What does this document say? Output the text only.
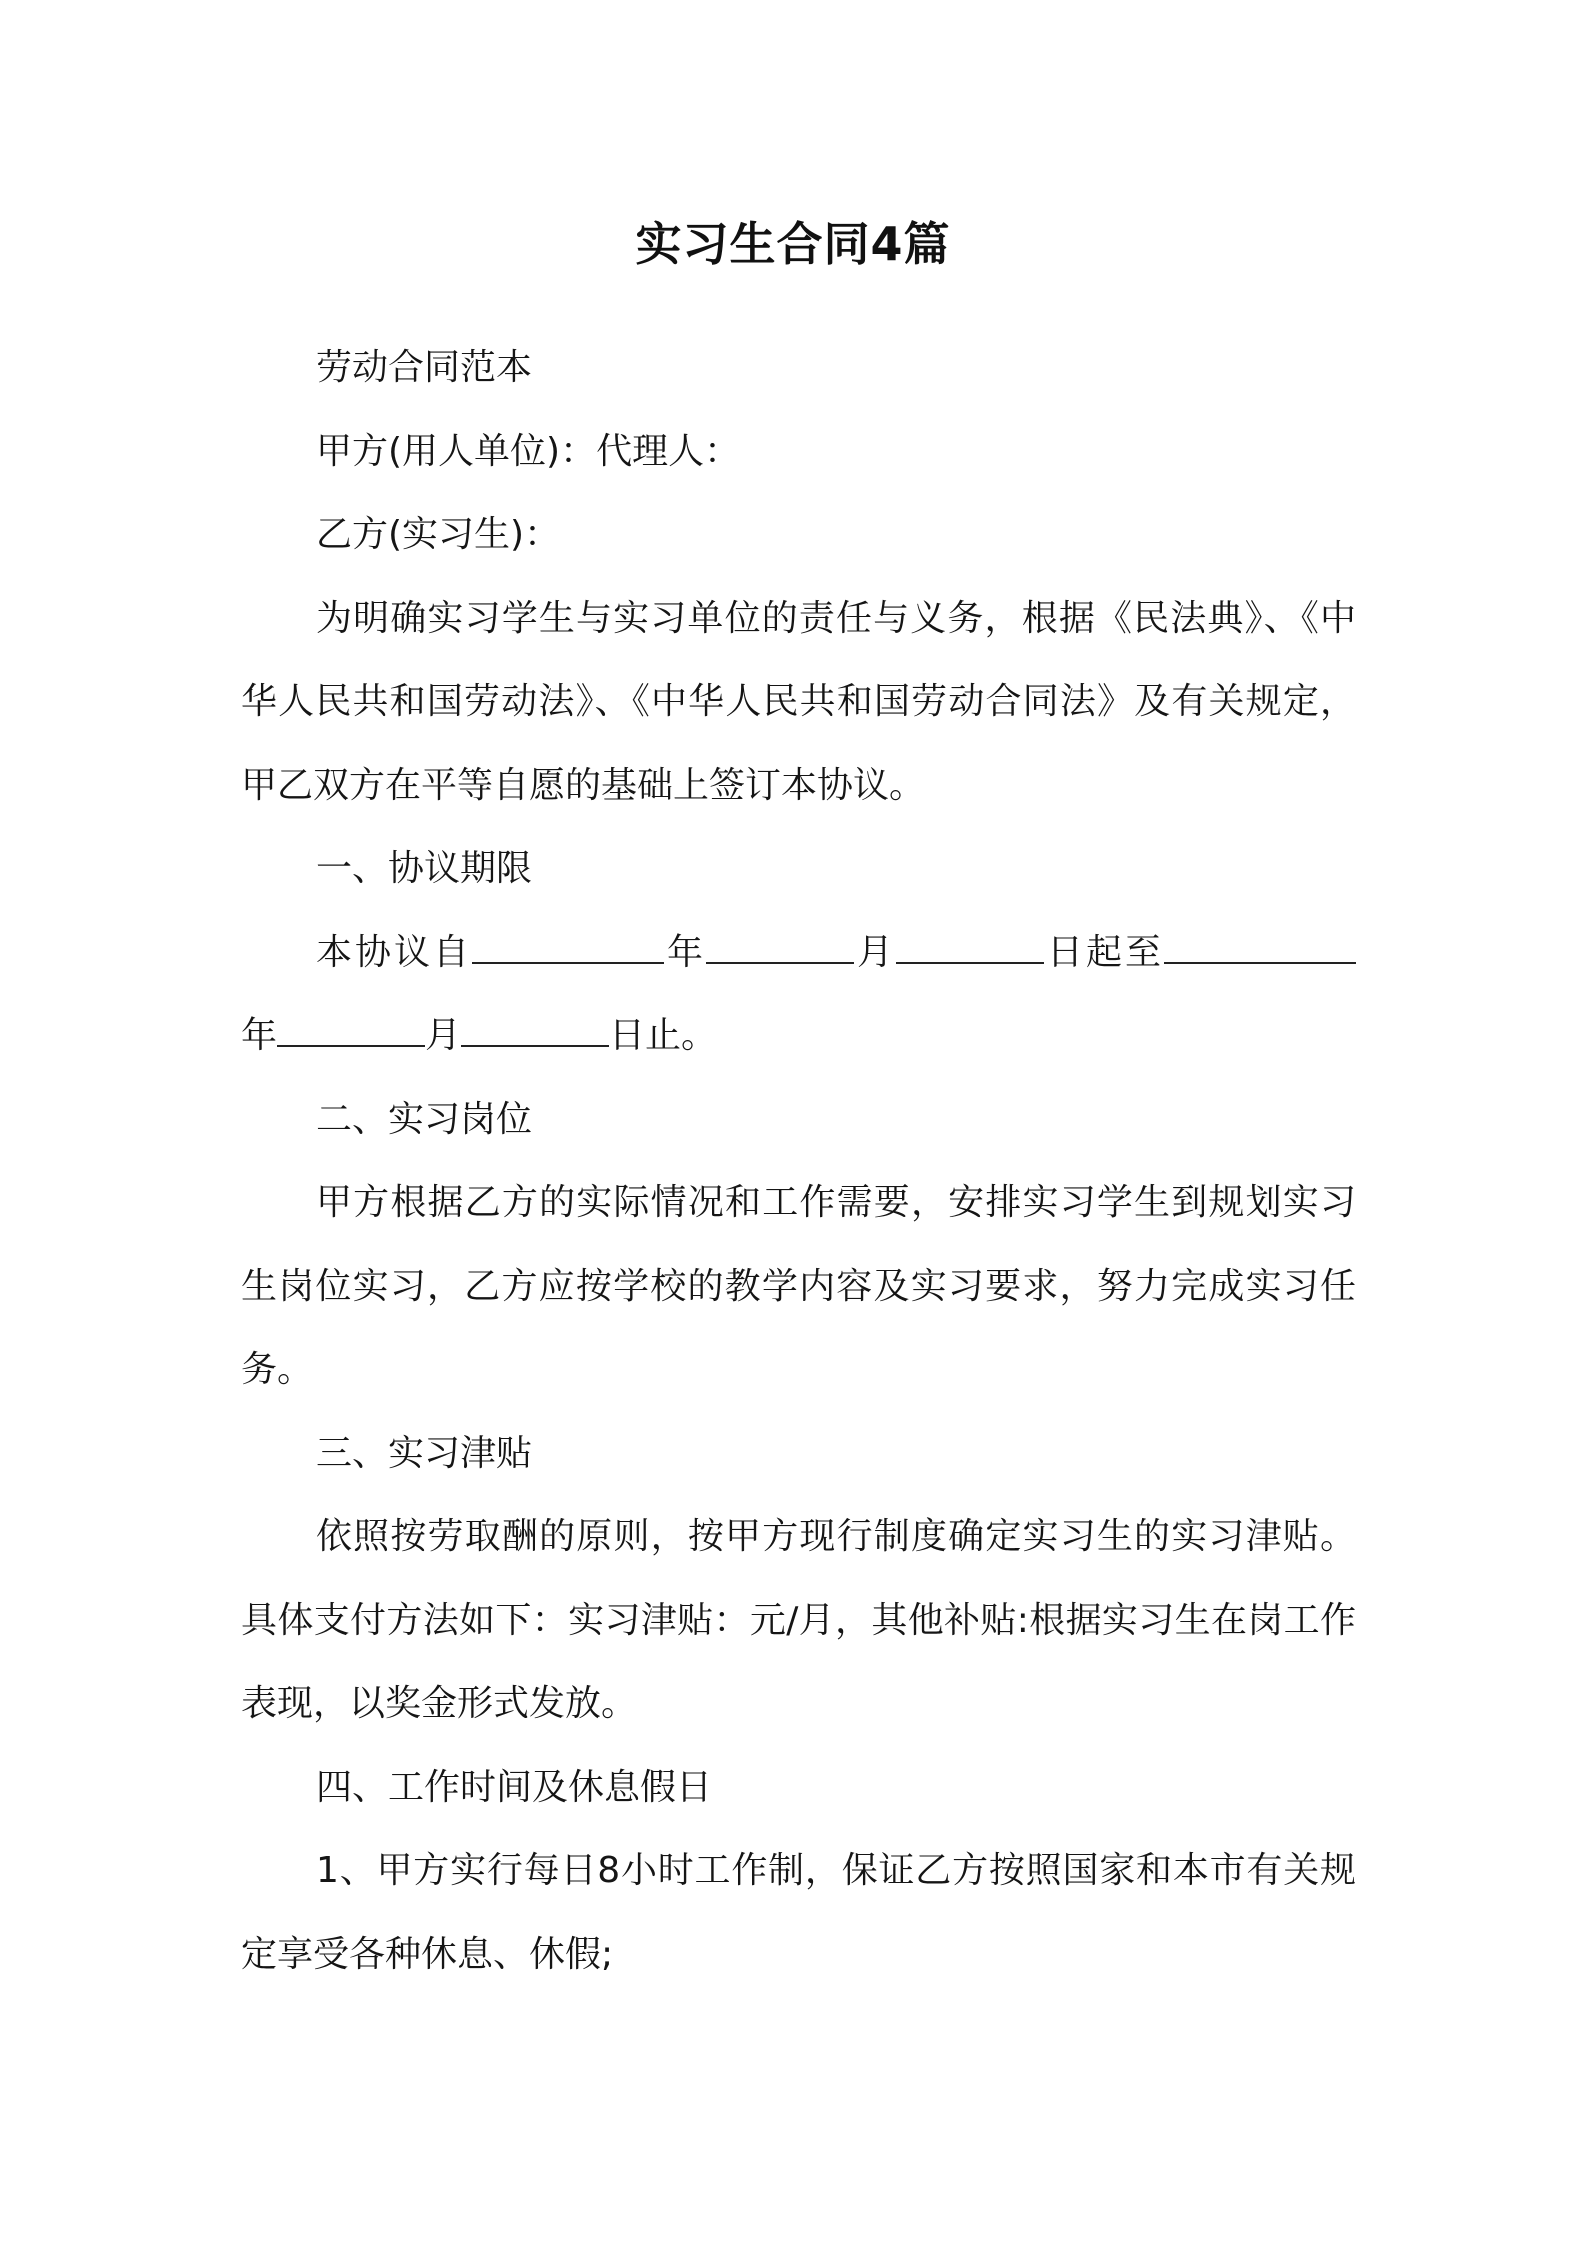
实习生合同4篇

劳动合同范本

甲方(用人单位)：代理人：

乙方(实习生)：

为明确实习学生与实习单位的责任与义务，根据《民法典》、《中华人民共和国劳动法》、《中华人民共和国劳动合同法》及有关规定，甲乙双方在平等自愿的基础上签订本协议。

一、协议期限

本协议自	年	月	日起至年	月	日止。

二、实习岗位

甲方根据乙方的实际情况和工作需要，安排实习学生到规划实习生岗位实习，乙方应按学校的教学内容及实习要求，努力完成实习任务。

三、实习津贴

依照按劳取酬的原则，按甲方现行制度确定实习生的实习津贴。具体支付方法如下：实习津贴：元/月，其他补贴:根据实习生在岗工作表现，以奖金形式发放。

四、工作时间及休息假日

1、甲方实行每日8小时工作制，保证乙方按照国家和本市有关规定享受各种休息、休假;
